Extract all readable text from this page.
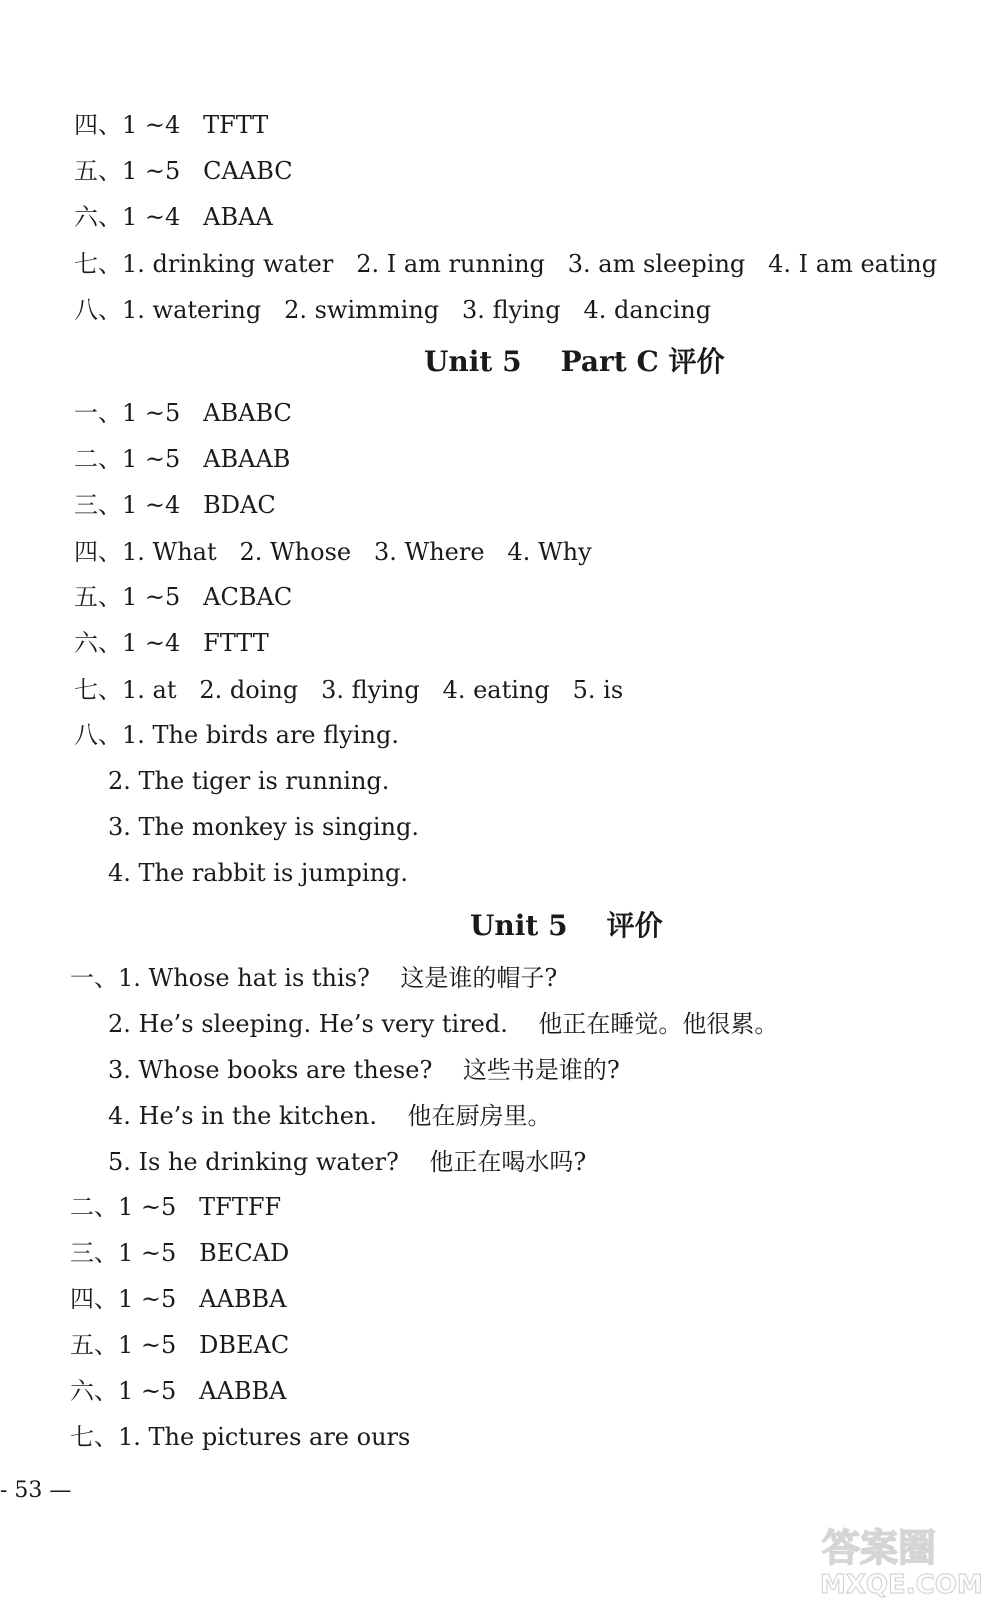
四、1 ~4   TFTT
五、1 ~5   CAABC
六、1 ~4   ABAA
七、1. drinking water   2. I am running   3. am sleeping   4. I am eating
八、1. watering   2. swimming   3. flying   4. dancing
Unit 5    Part C 评价
一、1 ~5   ABABC
二、1 ~5   ABAAB
三、1 ~4   BDAC
四、1. What   2. Whose   3. Where   4. Why
五、1 ~5   ACBAC
六、1 ~4   FTTT
七、1. at   2. doing   3. flying   4. eating   5. is
八、1. The birds are flying.
2. The tiger is running.
3. The monkey is singing.
4. The rabbit is jumping.
Unit 5    评价
一、1. Whose hat is this?    这是谁的帽子?
2. He’s sleeping. He’s very tired.    他正在睡觉。他很累。
3. Whose books are these?    这些书是谁的?
4. He’s in the kitchen.    他在厨房里。
5. Is he drinking water?    他正在喝水吗?
二、1 ~5   TFTFF
三、1 ~5   BECAD
四、1 ~5   AABBA
五、1 ~5   DBEAC
六、1 ~5   AABBA
七、1. The pictures are ours
- 53 —
答案圈
MXQE.COM
